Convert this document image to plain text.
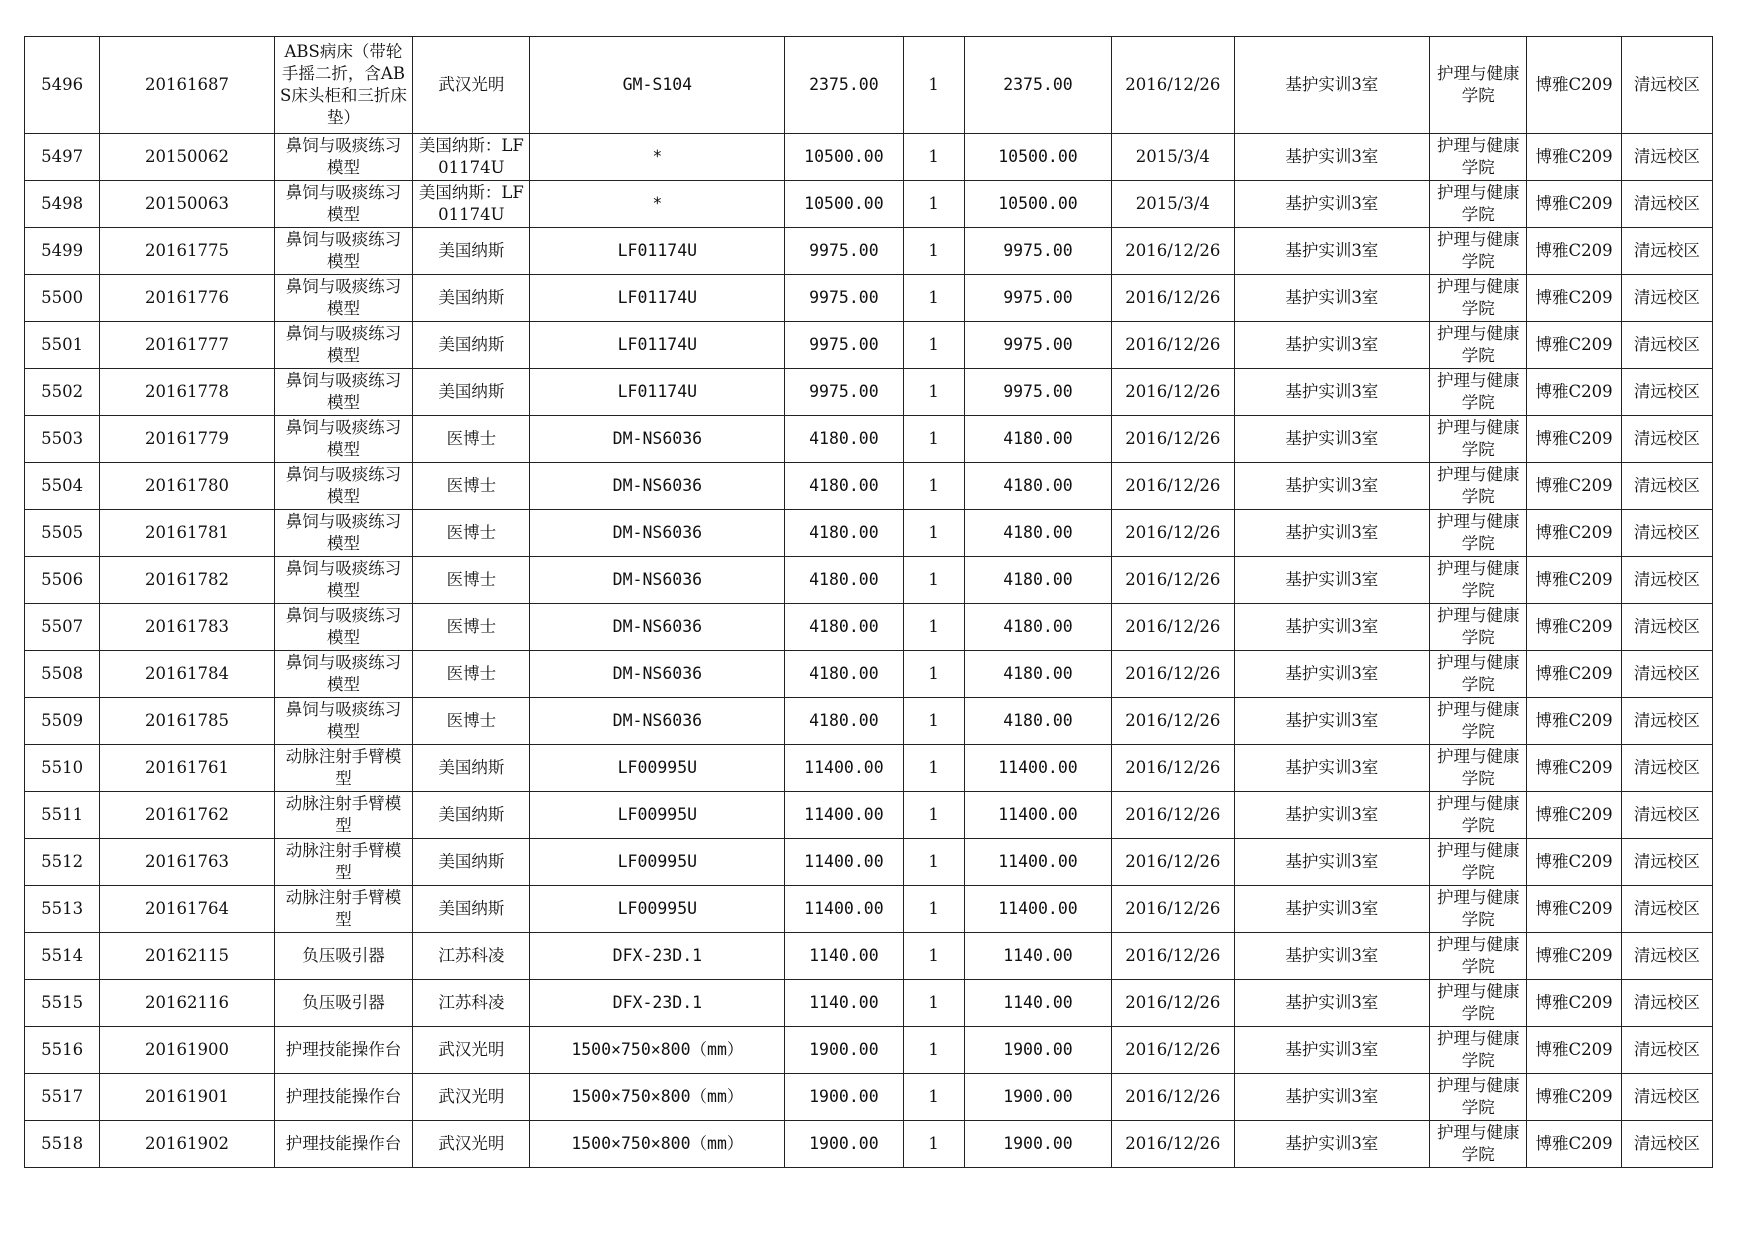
5496	20161687	ABS病床（带轮手摇二折，含ABS床头柜和三折床垫）	武汉光明	GM-S104	2375.00	1	2375.00	2016/12/26	基护实训3室	护理与健康学院	博雅C209	清远校区
5497	20150062	鼻饲与吸痰练习模型	美国纳斯：LF01174U	*	10500.00	1	10500.00	2015/3/4	基护实训3室	护理与健康学院	博雅C209	清远校区
5498	20150063	鼻饲与吸痰练习模型	美国纳斯：LF01174U	*	10500.00	1	10500.00	2015/3/4	基护实训3室	护理与健康学院	博雅C209	清远校区
5499	20161775	鼻饲与吸痰练习模型	美国纳斯	LF01174U	9975.00	1	9975.00	2016/12/26	基护实训3室	护理与健康学院	博雅C209	清远校区
5500	20161776	鼻饲与吸痰练习模型	美国纳斯	LF01174U	9975.00	1	9975.00	2016/12/26	基护实训3室	护理与健康学院	博雅C209	清远校区
5501	20161777	鼻饲与吸痰练习模型	美国纳斯	LF01174U	9975.00	1	9975.00	2016/12/26	基护实训3室	护理与健康学院	博雅C209	清远校区
5502	20161778	鼻饲与吸痰练习模型	美国纳斯	LF01174U	9975.00	1	9975.00	2016/12/26	基护实训3室	护理与健康学院	博雅C209	清远校区
5503	20161779	鼻饲与吸痰练习模型	医博士	DM-NS6036	4180.00	1	4180.00	2016/12/26	基护实训3室	护理与健康学院	博雅C209	清远校区
5504	20161780	鼻饲与吸痰练习模型	医博士	DM-NS6036	4180.00	1	4180.00	2016/12/26	基护实训3室	护理与健康学院	博雅C209	清远校区
5505	20161781	鼻饲与吸痰练习模型	医博士	DM-NS6036	4180.00	1	4180.00	2016/12/26	基护实训3室	护理与健康学院	博雅C209	清远校区
5506	20161782	鼻饲与吸痰练习模型	医博士	DM-NS6036	4180.00	1	4180.00	2016/12/26	基护实训3室	护理与健康学院	博雅C209	清远校区
5507	20161783	鼻饲与吸痰练习模型	医博士	DM-NS6036	4180.00	1	4180.00	2016/12/26	基护实训3室	护理与健康学院	博雅C209	清远校区
5508	20161784	鼻饲与吸痰练习模型	医博士	DM-NS6036	4180.00	1	4180.00	2016/12/26	基护实训3室	护理与健康学院	博雅C209	清远校区
5509	20161785	鼻饲与吸痰练习模型	医博士	DM-NS6036	4180.00	1	4180.00	2016/12/26	基护实训3室	护理与健康学院	博雅C209	清远校区
5510	20161761	动脉注射手臂模型	美国纳斯	LF00995U	11400.00	1	11400.00	2016/12/26	基护实训3室	护理与健康学院	博雅C209	清远校区
5511	20161762	动脉注射手臂模型	美国纳斯	LF00995U	11400.00	1	11400.00	2016/12/26	基护实训3室	护理与健康学院	博雅C209	清远校区
5512	20161763	动脉注射手臂模型	美国纳斯	LF00995U	11400.00	1	11400.00	2016/12/26	基护实训3室	护理与健康学院	博雅C209	清远校区
5513	20161764	动脉注射手臂模型	美国纳斯	LF00995U	11400.00	1	11400.00	2016/12/26	基护实训3室	护理与健康学院	博雅C209	清远校区
5514	20162115	负压吸引器	江苏科凌	DFX-23D.1	1140.00	1	1140.00	2016/12/26	基护实训3室	护理与健康学院	博雅C209	清远校区
5515	20162116	负压吸引器	江苏科凌	DFX-23D.1	1140.00	1	1140.00	2016/12/26	基护实训3室	护理与健康学院	博雅C209	清远校区
5516	20161900	护理技能操作台	武汉光明	1500×750×800（mm）	1900.00	1	1900.00	2016/12/26	基护实训3室	护理与健康学院	博雅C209	清远校区
5517	20161901	护理技能操作台	武汉光明	1500×750×800（mm）	1900.00	1	1900.00	2016/12/26	基护实训3室	护理与健康学院	博雅C209	清远校区
5518	20161902	护理技能操作台	武汉光明	1500×750×800（mm）	1900.00	1	1900.00	2016/12/26	基护实训3室	护理与健康学院	博雅C209	清远校区
